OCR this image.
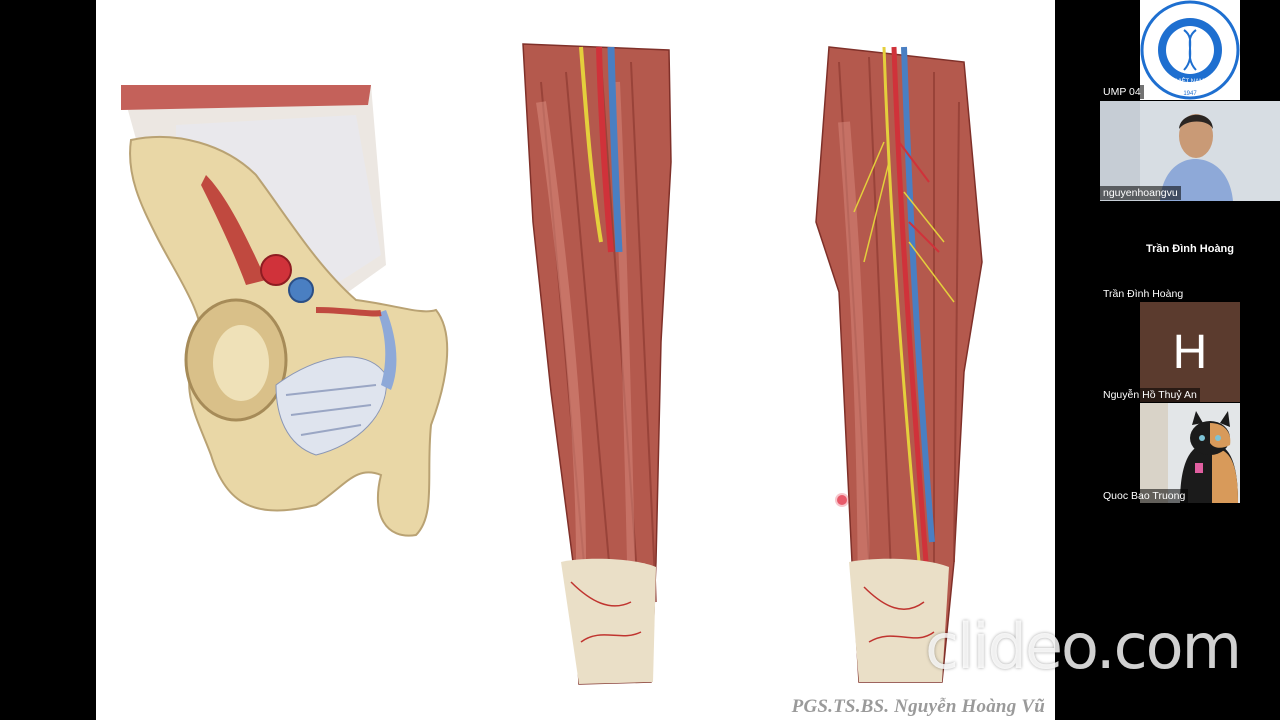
PGS.TS.BS. Nguyễn Hoàng Vũ
VIỆT NAM
1947
UMP 04
nguyenhoangvu
Trần Đình Hoàng
Trần Đình Hoàng
H
Nguyễn Hồ Thuỷ An
Quoc Bao Truong
clideo.com
